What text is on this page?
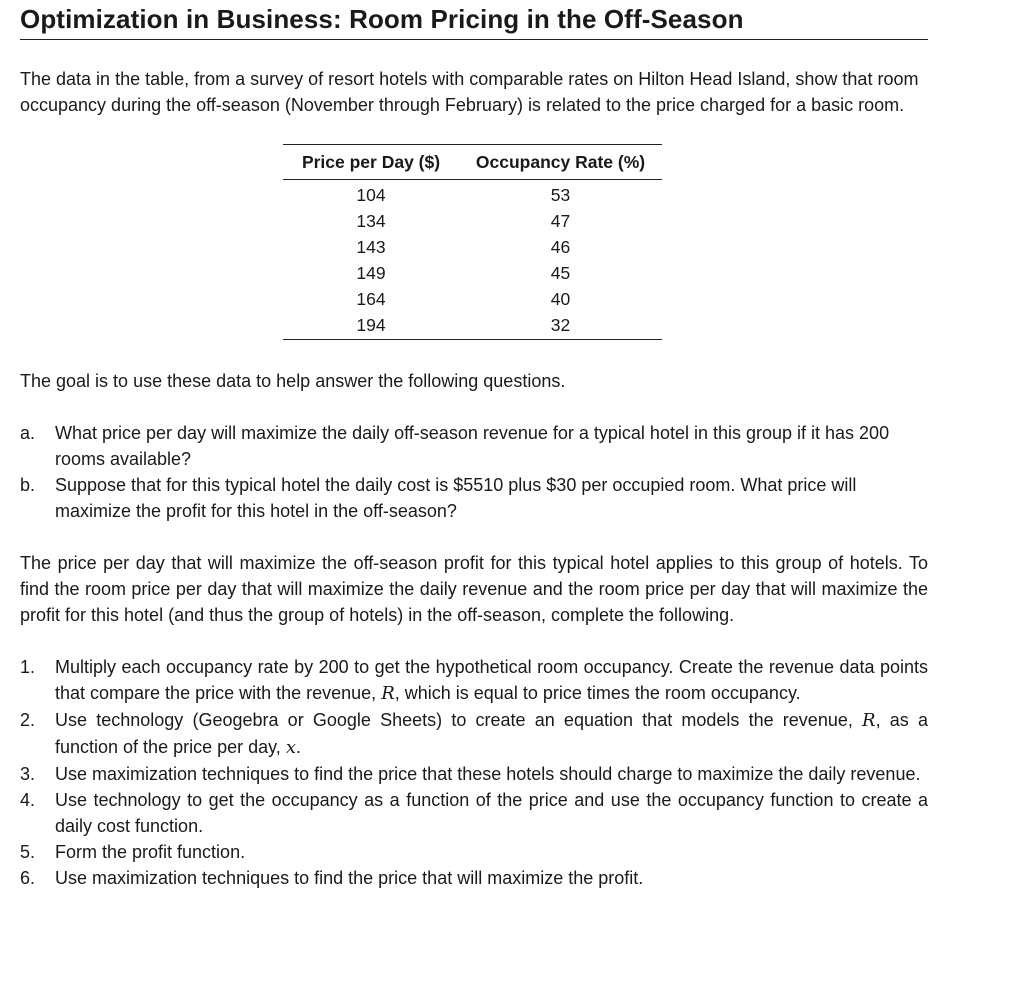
Optimization in Business: Room Pricing in the Off-Season

The data in the table, from a survey of resort hotels with comparable rates on Hilton Head Island, show that room occupancy during the off-season (November through February) is related to the price charged for a basic room.

Price per Day ($)	Occupancy Rate (%)
104	53
134	47
143	46
149	45
164	40
194	32

The goal is to use these data to help answer the following questions.

a. What price per day will maximize the daily off-season revenue for a typical hotel in this group if it has 200 rooms available?
b. Suppose that for this typical hotel the daily cost is $5510 plus $30 per occupied room. What price will maximize the profit for this hotel in the off-season?

The price per day that will maximize the off-season profit for this typical hotel applies to this group of hotels. To find the room price per day that will maximize the daily revenue and the room price per day that will maximize the profit for this hotel (and thus the group of hotels) in the off-season, complete the following.

1. Multiply each occupancy rate by 200 to get the hypothetical room occupancy. Create the revenue data points that compare the price with the revenue, R, which is equal to price times the room occupancy.
2. Use technology (Geogebra or Google Sheets) to create an equation that models the revenue, R, as a function of the price per day, x.
3. Use maximization techniques to find the price that these hotels should charge to maximize the daily revenue.
4. Use technology to get the occupancy as a function of the price and use the occupancy function to create a daily cost function.
5. Form the profit function.
6. Use maximization techniques to find the price that will maximize the profit.
